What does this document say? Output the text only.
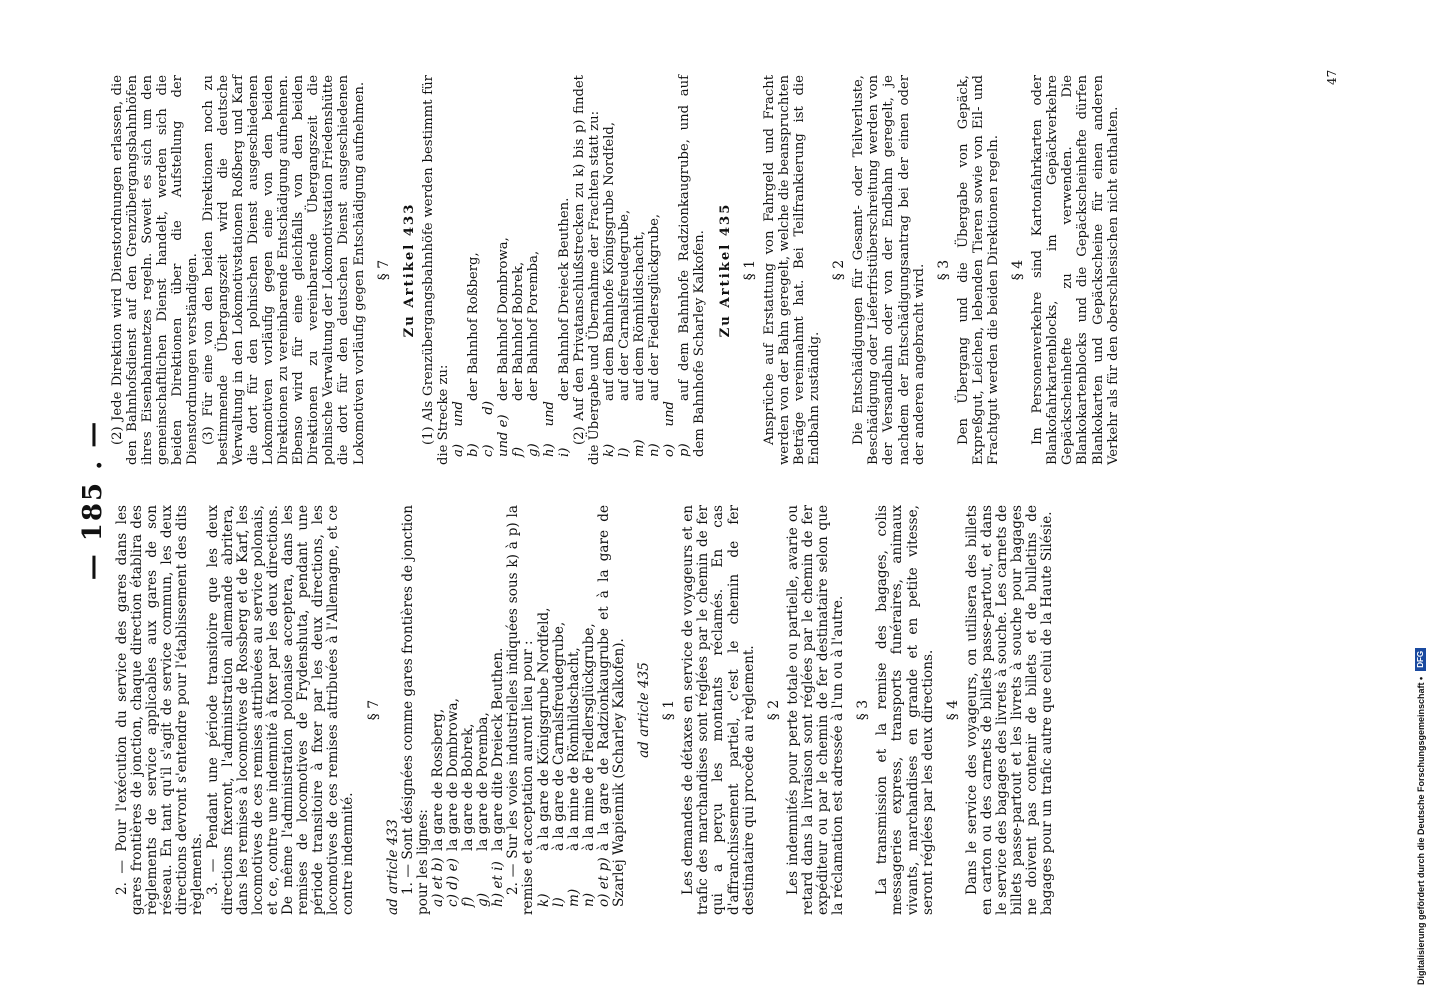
— 185 . —

2. — Pour l'exécution du service des gares dans les gares frontières de jonction, chaque direction établira des règlements de service applicables aux gares de son réseau. En tant qu'il s'agit de service commun, les deux directions devront s'entendre pour l'établissement des dits règlements. 3. — Pendant une période transitoire que les deux directions fixeront, l'administration allemande abritera, dans les remises à locomotives de Rossberg et de Karf, les locomotives de ces remises attribuées au service polonais, et ce, contre une indemnité à fixer par les deux directions. De même l'administration polonaise acceptera, dans les remises de locomotives de Frydenshuta, pendant une période transitoire à fixer par les deux directions, les locomotives de ces remises attribuées à l'Allemagne, et ce contre indemnité.

§ 7

ad article 433 1. — Sont désignées comme gares frontières de jonction pour les lignes: a) et b)la gare de Rossberg,
c) d) e)la gare de Dombrowa,
f)la gare de Bobrek,
g)la gare de Poremba,
h) et i)la gare dite Dreieck Beuthen. 2. — Sur les voies industrielles indiquées sous k) à p) la remise et acceptation auront lieu pour : k)à la gare de Königsgrube Nordfeld,
l)à la gare de Carnalsfreudegrube,
m)à la mine de Römhildschacht,
n)à la mine de Fiedlersglückgrube,
o) et p)à la gare de Radzionkaugrube et à la gare de Szarlej Wapiennik (Scharley Kalkofen). ad article 435 § 1 Les demandes de détaxes en service de voyageurs et en trafic des marchandises sont réglées par le chemin de fer qui a perçu les montants réclamés. En cas d'affranchissement partiel, c'est le chemin de fer destinataire qui procède au règlement. § 2 Les indemnités pour perte totale ou partielle, avarie ou retard dans la livraison sont réglées par le chemin de fer expéditeur ou par le chemin de fer destinataire selon que la réclamation est adressée à l'un ou à l'autre. § 3 La transmission et la remise des bagages, colis messageries express, transports funéraires, animaux vivants, marchandises en grande et en petite vitesse, seront réglées par les deux directions. § 4 Dans le service des voyageurs, on utilisera des billets en carton ou des carnets de billets passe-partout, et dans le service des bagages des livrets à souche. Les carnets de billets passe-partout et les livrets à souche pour bagages ne doivent pas contenir de billets et de bulletins de bagages pour un trafic autre que celui de la Haute Silésie.

(2) Jede Direktion wird Dienstordnungen erlassen, die den Bahnhofsdienst auf den Grenzübergangsbahnhöfen ihres Eisenbahnnetzes regeln. Soweit es sich um den gemeinschaftlichen Dienst handelt, werden sich die beiden Direktionen über die Aufstellung der Dienstordnungen verständigen. (3) Für eine von den beiden Direktionen noch zu bestimmende Übergangszeit wird die deutsche Verwaltung in den Lokomotivstationen Roßberg und Karf die dort für den polnischen Dienst ausgeschiedenen Lokomotiven vorläufig gegen eine von den beiden Direktionen zu vereinbarende Entschädigung aufnehmen. Ebenso wird für eine gleichfalls von den beiden Direktionen zu vereinbarende Übergangszeit die polnische Verwaltung der Lokomotivstation Friedenshütte die dort für den deutschen Dienst ausgeschiedenen Lokomotiven vorläufig gegen Entschädigung aufnehmen. § 7 Zu Artikel 433 (1) Als Grenzübergangsbahnhöfe werden bestimmt für die Strecke zu: a) und b)der Bahnhof Roßberg,
c) d) und e)der Bahnhof Dombrowa,
f)der Bahnhof Bobrek,
g)der Bahnhof Poremba,
h) und i)der Bahnhof Dreieck Beuthen. (2) Auf den Privatanschlußstrecken zu k) bis p) findet die Übergabe und Übernahme der Frachten statt zu: k)auf dem Bahnhofe Königsgrube Nordfeld,
l)auf der Carnalsfreudegrube,
m)auf dem Römhildschacht,
n)auf der Fiedlersglückgrube,
o) und p)auf dem Bahnhofe Radzionkaugrube, und auf dem Bahnhofe Scharley Kalkofen. Zu Artikel 435 § 1 Ansprüche auf Erstattung von Fahrgeld und Fracht werden von der Bahn geregelt, welche die beanspruchten Beträge vereinnahmt hat. Bei Teilfrankierung ist die Endbahn zuständig.

§ 2 Die Entschädigungen für Gesamt- oder Teilverluste, Beschädigung oder Lieferfristüberschreitung werden von der Versandbahn oder von der Endbahn geregelt, je nachdem der Entschädigungsantrag bei der einen oder der anderen angebracht wird. § 3 Den Übergang und die Übergabe von Gepäck, Expreßgut, Leichen, lebenden Tieren sowie von Eil- und Frachtgut werden die beiden Direktionen regeln. § 4 Im Personenverkehre sind Kartonfahrkarten oder Blankofahrkartenblocks, im Gepäckverkehre Gepäckscheinhefte zu verwenden. Die Blankokartenblocks und die Gepäckscheinhefte dürfen Blankokarten und Gepäckscheine für einen anderen Verkehr als für den oberschlesischen nicht enthalten.

47
Digitalisierung gefördert durch die Deutsche Forschungsgemeinschaft •
DFG
